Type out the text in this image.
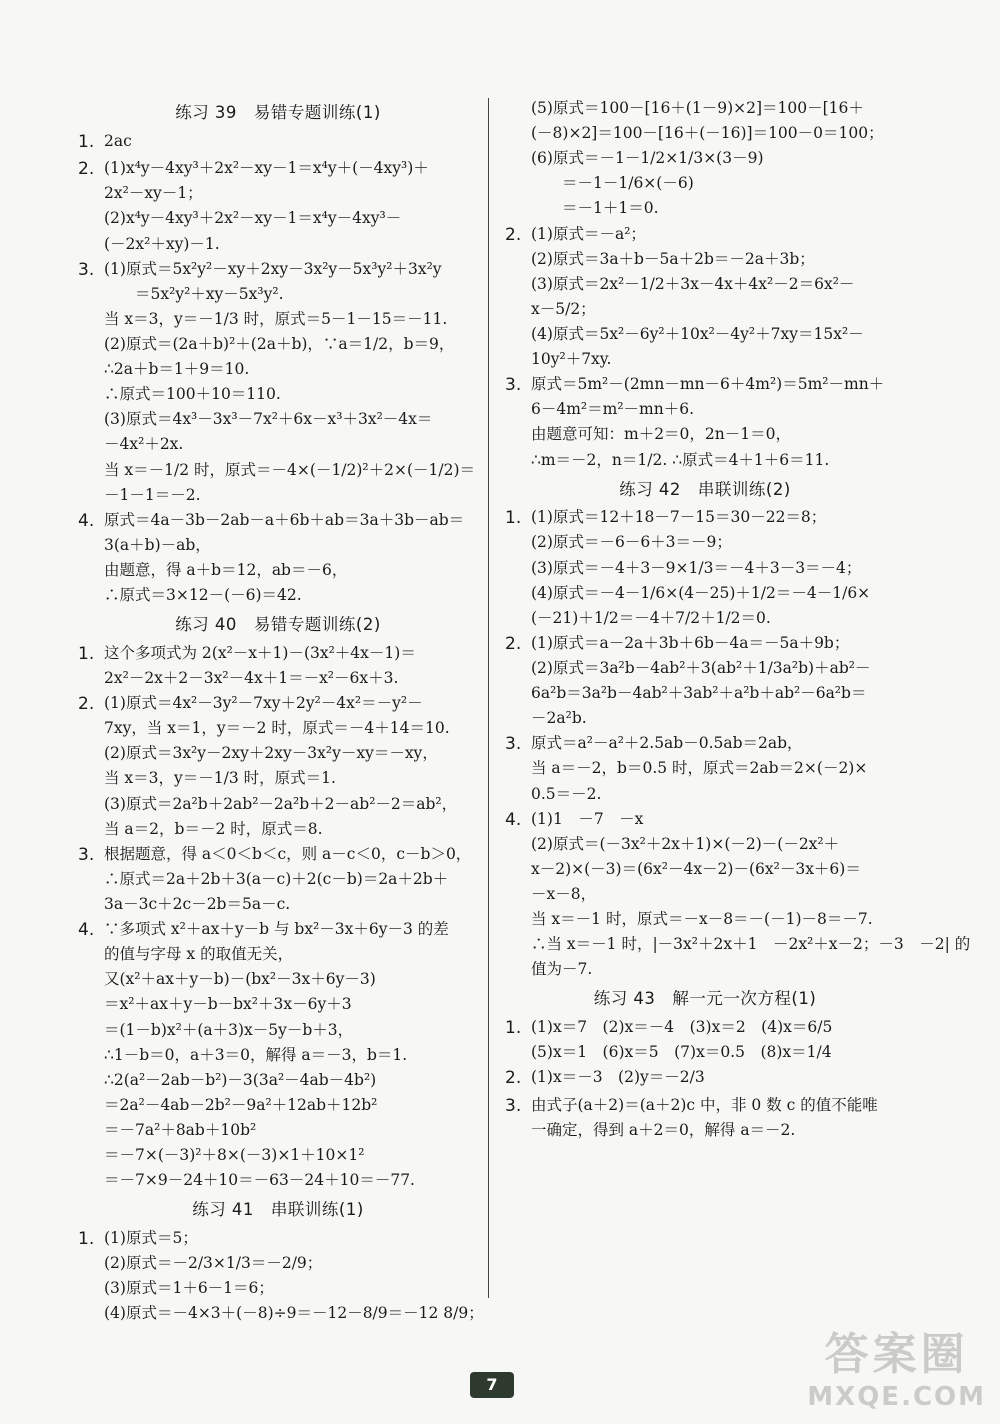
练习 39　易错专题训练(1)
1. 2ac
2. (1)x⁴y－4xy³＋2x²－xy－1＝x⁴y＋(－4xy³)＋
2x²－xy－1；
(2)x⁴y－4xy³＋2x²－xy－1＝x⁴y－4xy³－
(－2x²＋xy)－1.
3. (1)原式＝5x²y²－xy＋2xy－3x²y－5x³y²＋3x²y
　　＝5x²y²＋xy－5x³y².
当 x＝3，y＝－1/3 时，原式＝5－1－15＝－11.
(2)原式＝(2a＋b)²＋(2a＋b)，∵a＝1/2，b＝9，
∴2a＋b＝1＋9＝10.
∴原式＝100＋10＝110.
(3)原式＝4x³－3x³－7x²＋6x－x³＋3x²－4x＝
－4x²＋2x.
当 x＝－1/2 时，原式＝－4×(－1/2)²＋2×(－1/2)＝
－1－1＝－2.
4. 原式＝4a－3b－2ab－a＋6b＋ab＝3a＋3b－ab＝
3(a＋b)－ab，
由题意，得 a＋b＝12，ab＝－6，
∴原式＝3×12－(－6)＝42.
练习 40　易错专题训练(2)
1. 这个多项式为 2(x²－x＋1)－(3x²＋4x－1)＝
2x²－2x＋2－3x²－4x＋1＝－x²－6x＋3.
2. (1)原式＝4x²－3y²－7xy＋2y²－4x²＝－y²－
7xy，当 x＝1，y＝－2 时，原式＝－4＋14＝10.
(2)原式＝3x²y－2xy＋2xy－3x²y－xy＝－xy，
当 x＝3，y＝－1/3 时，原式＝1.
(3)原式＝2a²b＋2ab²－2a²b＋2－ab²－2＝ab²，
当 a＝2，b＝－2 时，原式＝8.
3. 根据题意，得 a＜0＜b＜c，则 a－c＜0，c－b＞0，
∴原式＝2a＋2b＋3(a－c)＋2(c－b)＝2a＋2b＋
3a－3c＋2c－2b＝5a－c.
4. ∵多项式 x²＋ax＋y－b 与 bx²－3x＋6y－3 的差
的值与字母 x 的取值无关，
又(x²＋ax＋y－b)－(bx²－3x＋6y－3)
＝x²＋ax＋y－b－bx²＋3x－6y＋3
＝(1－b)x²＋(a＋3)x－5y－b＋3，
∴1－b＝0，a＋3＝0，解得 a＝－3，b＝1.
∴2(a²－2ab－b²)－3(3a²－4ab－4b²)
＝2a²－4ab－2b²－9a²＋12ab＋12b²
＝－7a²＋8ab＋10b²
＝－7×(－3)²＋8×(－3)×1＋10×1²
＝－7×9－24＋10＝－63－24＋10＝－77.
练习 41　串联训练(1)
1. (1)原式＝5；
(2)原式＝－2/3×1/3＝－2/9；
(3)原式＝1＋6－1＝6；
(4)原式＝－4×3＋(－8)÷9＝－12－8/9＝－12 8/9；
(5)原式＝100－[16＋(1－9)×2]＝100－[16＋
(－8)×2]＝100－[16＋(－16)]＝100－0＝100；
(6)原式＝－1－1/2×1/3×(3－9)
　　＝－1－1/6×(－6)
　　＝－1＋1＝0.
2. (1)原式＝－a²；
(2)原式＝3a＋b－5a＋2b＝－2a＋3b；
(3)原式＝2x²－1/2＋3x－4x＋4x²－2＝6x²－
x－5/2；
(4)原式＝5x²－6y²＋10x²－4y²＋7xy＝15x²－
10y²＋7xy.
3. 原式＝5m²－(2mn－mn－6＋4m²)＝5m²－mn＋
6－4m²＝m²－mn＋6.
由题意可知：m＋2＝0，2n－1＝0，
∴m＝－2，n＝1/2. ∴原式＝4＋1＋6＝11.
练习 42　串联训练(2)
1. (1)原式＝12＋18－7－15＝30－22＝8；
(2)原式＝－6－6＋3＝－9；
(3)原式＝－4＋3－9×1/3＝－4＋3－3＝－4；
(4)原式＝－4－1/6×(4－25)＋1/2＝－4－1/6×
(－21)＋1/2＝－4＋7/2＋1/2＝0.
2. (1)原式＝a－2a＋3b＋6b－4a＝－5a＋9b；
(2)原式＝3a²b－4ab²＋3(ab²＋1/3a²b)＋ab²－
6a²b＝3a²b－4ab²＋3ab²＋a²b＋ab²－6a²b＝
－2a²b.
3. 原式＝a²－a²＋2.5ab－0.5ab＝2ab，
当 a＝－2，b＝0.5 时，原式＝2ab＝2×(－2)×
0.5＝－2.
4. (1)1　－7　－x
(2)原式＝(－3x²＋2x＋1)×(－2)－(－2x²＋
x－2)×(－3)＝(6x²－4x－2)－(6x²－3x＋6)＝
－x－8，
当 x＝－1 时，原式＝－x－8＝－(－1)－8＝－7.
∴当 x＝－1 时，|－3x²＋2x＋1　－2x²＋x－2；－3　－2| 的
值为－7.
练习 43　解一元一次方程(1)
1. (1)x＝7　(2)x＝－4　(3)x＝2　(4)x＝6/5
(5)x＝1　(6)x＝5　(7)x＝0.5　(8)x＝1/4
2. (1)x＝－3　(2)y＝－2/3
3. 由式子(a＋2)＝(a＋2)c 中，非 0 数 c 的值不能唯
一确定，得到 a＋2＝0，解得 a＝－2.
7
答案圈
MXQE.COM
